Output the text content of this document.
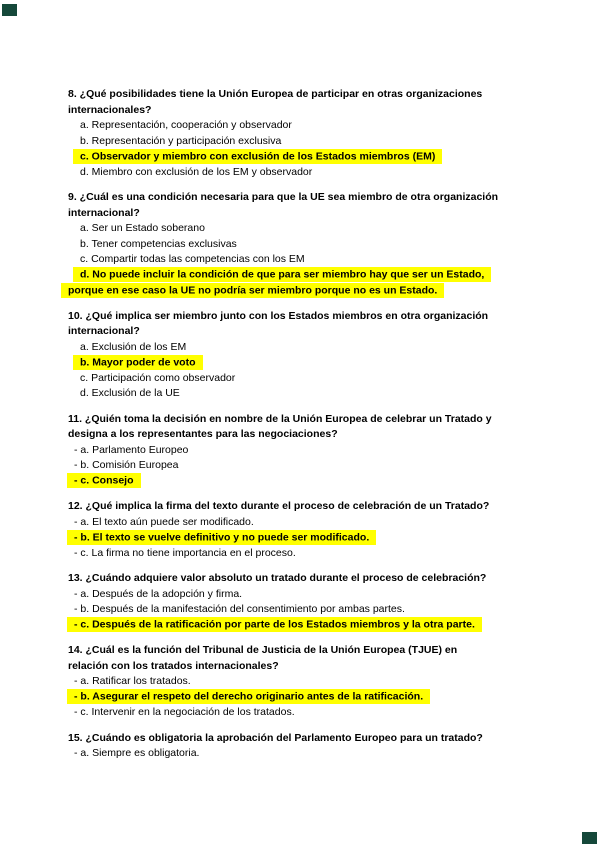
8. ¿Qué posibilidades tiene la Unión Europea de participar en otras organizaciones
internacionales?
a. Representación, cooperación y observador
b. Representación y participación exclusiva
c. Observador y miembro con exclusión de los Estados miembros (EM)
d. Miembro con exclusión de los EM y observador
9. ¿Cuál es una condición necesaria para que la UE sea miembro de otra organización
internacional?
a. Ser un Estado soberano
b. Tener competencias exclusivas
c. Compartir todas las competencias con los EM
d. No puede incluir la condición de que para ser miembro hay que ser un Estado,
porque en ese caso la UE no podría ser miembro porque no es un Estado.
10. ¿Qué implica ser miembro junto con los Estados miembros en otra organización
internacional?
a. Exclusión de los EM
b. Mayor poder de voto
c. Participación como observador
d. Exclusión de la UE
11. ¿Quién toma la decisión en nombre de la Unión Europea de celebrar un Tratado y
designa a los representantes para las negociaciones?
- a. Parlamento Europeo
- b. Comisión Europea
- c. Consejo
12. ¿Qué implica la firma del texto durante el proceso de celebración de un Tratado?
- a. El texto aún puede ser modificado.
- b. El texto se vuelve definitivo y no puede ser modificado.
- c. La firma no tiene importancia en el proceso.
13. ¿Cuándo adquiere valor absoluto un tratado durante el proceso de celebración?
- a. Después de la adopción y firma.
- b. Después de la manifestación del consentimiento por ambas partes.
- c. Después de la ratificación por parte de los Estados miembros y la otra parte.
14. ¿Cuál es la función del Tribunal de Justicia de la Unión Europea (TJUE) en
relación con los tratados internacionales?
- a. Ratificar los tratados.
- b. Asegurar el respeto del derecho originario antes de la ratificación.
- c. Intervenir en la negociación de los tratados.
15. ¿Cuándo es obligatoria la aprobación del Parlamento Europeo para un tratado?
- a. Siempre es obligatoria.
